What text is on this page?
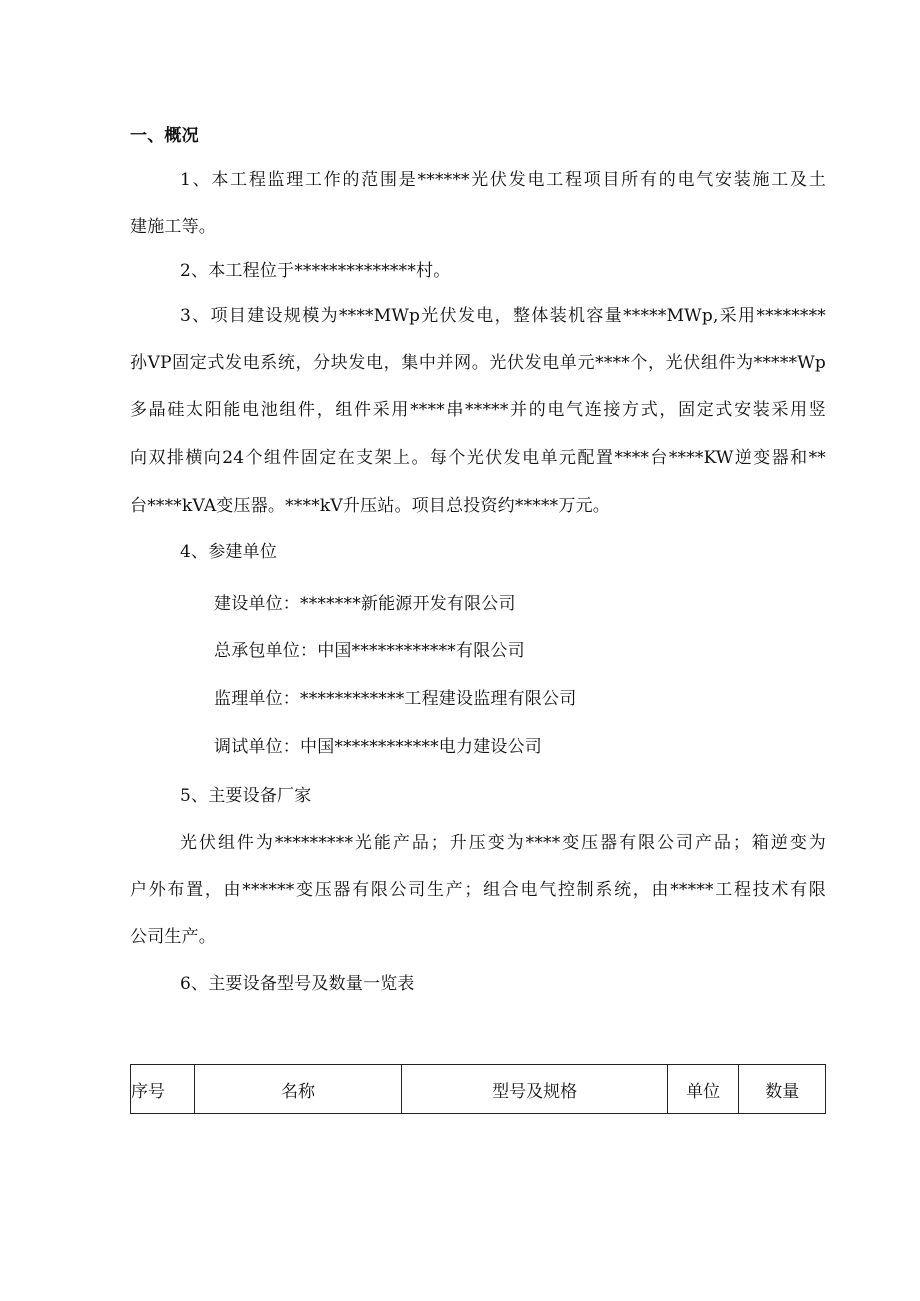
一、概况
1、本工程监理工作的范围是******光伏发电工程项目所有的电气安装施工及土
建施工等。
2、本工程位于**************村。
3、项目建设规模为****MWp光伏发电，整体装机容量*****MWp,采用********
孙VP固定式发电系统，分块发电，集中并网。光伏发电单元****个，光伏组件为*****Wp
多晶硅太阳能电池组件，组件采用****串*****并的电气连接方式，固定式安装采用竖
向双排横向24个组件固定在支架上。每个光伏发电单元配置****台****KW逆变器和**
台****kVA变压器。****kV升压站。项目总投资约*****万元。
4、参建单位
建设单位：*******新能源开发有限公司
总承包单位：中国************有限公司
监理单位：************工程建设监理有限公司
调试单位：中国************电力建设公司
5、主要设备厂家
光伏组件为*********光能产品；升压变为****变压器有限公司产品；箱逆变为
户外布置，由******变压器有限公司生产；组合电气控制系统，由*****工程技术有限
公司生产。
6、主要设备型号及数量一览表
序号	名称	型号及规格	单位	数量
